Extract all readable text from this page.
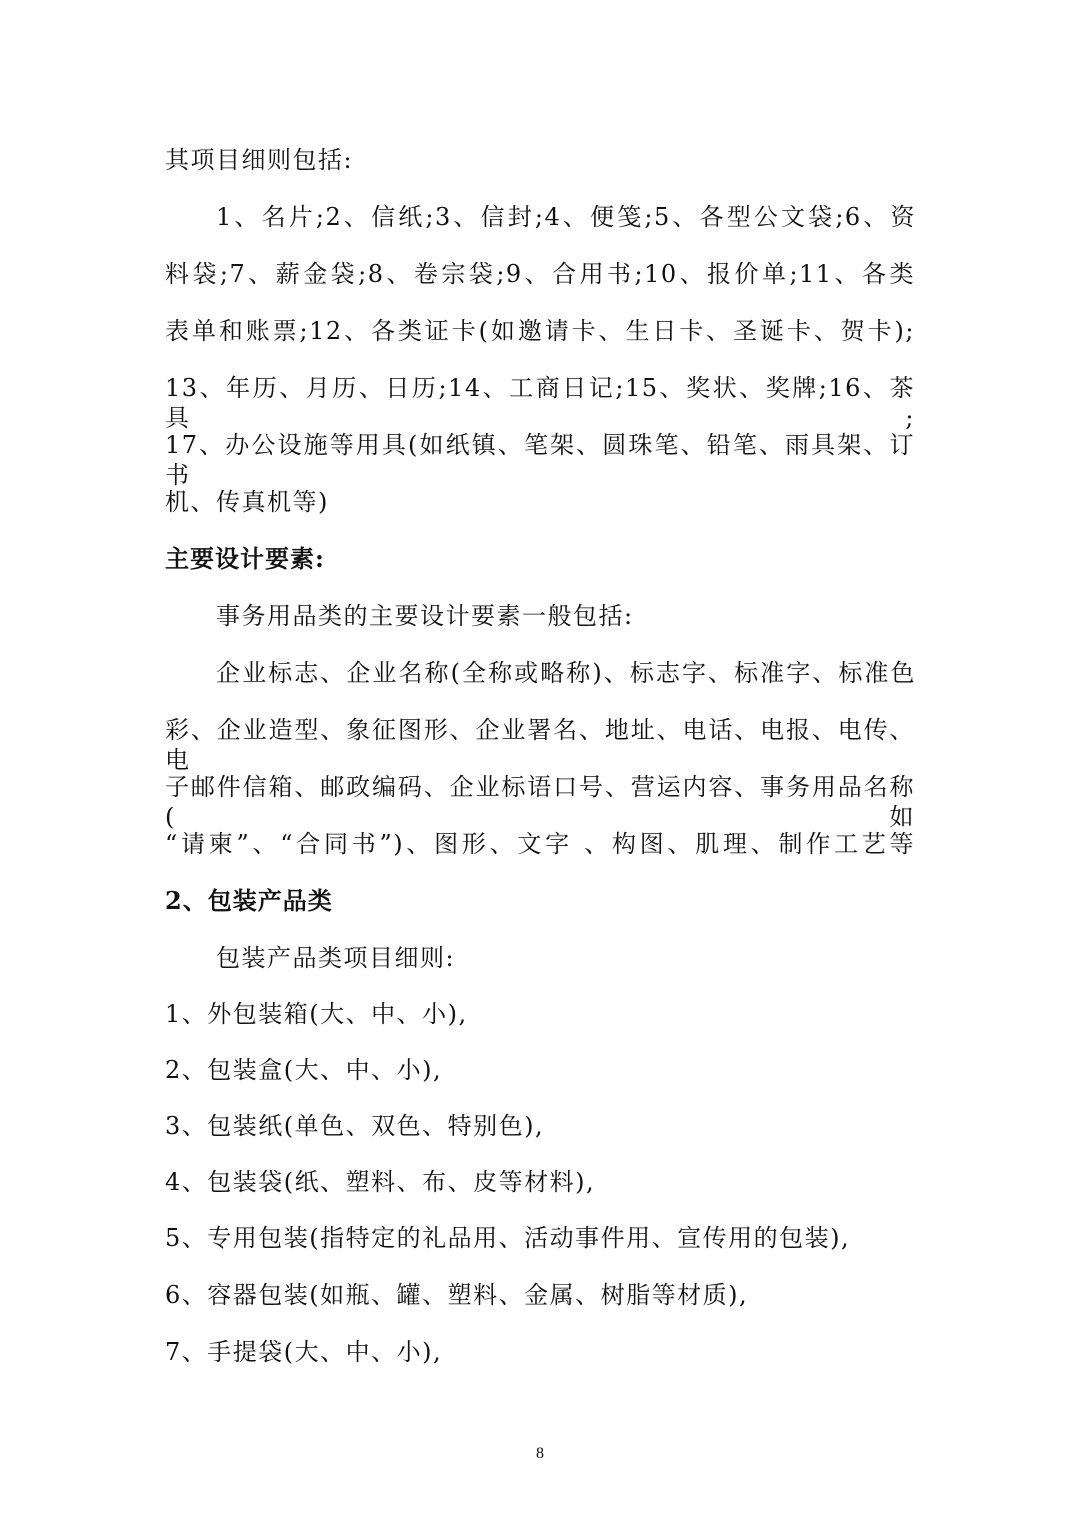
其项目细则包括:
1、名片;2、信纸;3、信封;4、便笺;5、各型公文袋;6、资
料袋;7、薪金袋;8、卷宗袋;9、合用书;10、报价单;11、各类
表单和账票;12、各类证卡(如邀请卡、生日卡、圣诞卡、贺卡);
13、年历、月历、日历;14、工商日记;15、奖状、奖牌;16、茶具;
17、办公设施等用具(如纸镇、笔架、圆珠笔、铅笔、雨具架、订书
机、传真机等)
主要设计要素:
事务用品类的主要设计要素一般包括:
企业标志、企业名称(全称或略称)、标志字、标准字、标准色
彩、企业造型、象征图形、企业署名、地址、电话、电报、电传、电
子邮件信箱、邮政编码、企业标语口号、营运内容、事务用品名称(如
“请柬”、“合同书”)、图形、文字 、构图、肌理、制作工艺等
2、包装产品类
包装产品类项目细则:
1、外包装箱(大、中、小),
2、包装盒(大、中、小),
3、包装纸(单色、双色、特别色),
4、包装袋(纸、塑料、布、皮等材料),
5、专用包装(指特定的礼品用、活动事件用、宣传用的包装),
6、容器包装(如瓶、罐、塑料、金属、树脂等材质),
7、手提袋(大、中、小),
8
